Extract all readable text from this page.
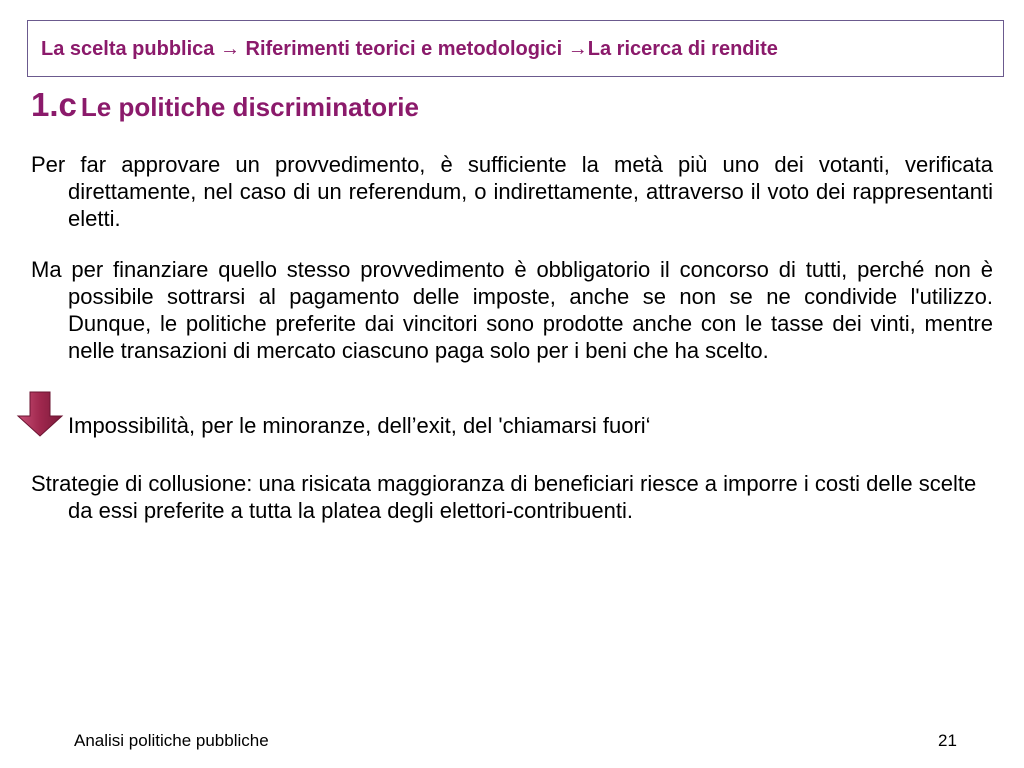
La scelta pubblica → Riferimenti teorici e metodologici →La ricerca di rendite
1.c Le politiche discriminatorie

Per far approvare un provvedimento, è sufficiente la metà più uno dei votanti, verificata direttamente, nel caso di un referendum, o indirettamente, attraverso il voto dei rappresentanti eletti.

Ma per finanziare quello stesso provvedimento è obbligatorio il concorso di tutti, perché non è possibile sottrarsi al pagamento delle imposte, anche se non se ne condivide l'utilizzo. Dunque, le politiche preferite dai vincitori sono prodotte anche con le tasse dei vinti, mentre nelle transazioni di mercato ciascuno paga solo per i beni che ha scelto.

Impossibilità, per le minoranze, dell’exit, del 'chiamarsi fuori‘

Strategie di collusione: una risicata maggioranza di beneficiari riesce a imporre i costi delle scelte da essi preferite a tutta la platea degli elettori-contribuenti.

Analisi politiche pubbliche	21
